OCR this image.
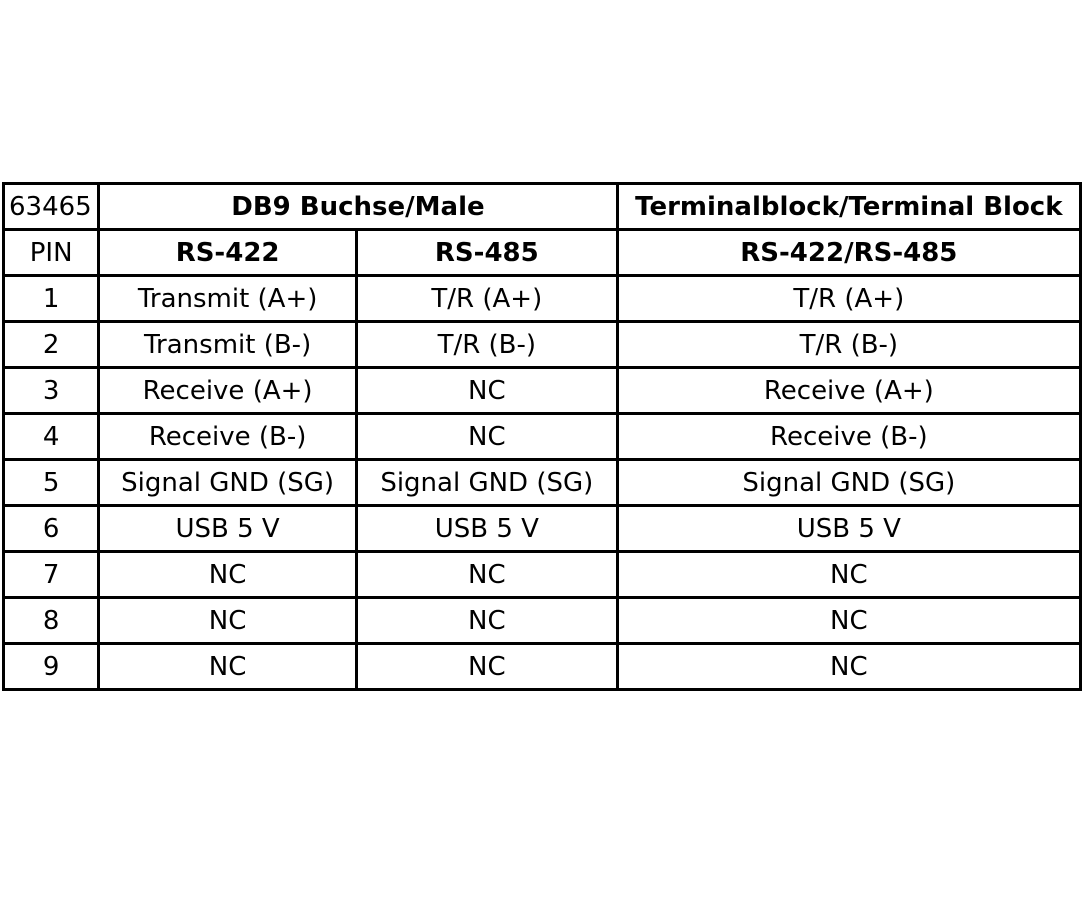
63465	DB9 Buchse/Male		Terminalblock/Terminal Block
PIN	RS-422	RS-485	RS-422/RS-485
1	Transmit (A+)	T/R (A+)	T/R (A+)
2	Transmit (B-)	T/R (B-)	T/R (B-)
3	Receive (A+)	NC	Receive (A+)
4	Receive (B-)	NC	Receive (B-)
5	Signal GND (SG)	Signal GND (SG)	Signal GND (SG)
6	USB 5 V	USB 5 V	USB 5 V
7	NC	NC	NC
8	NC	NC	NC
9	NC	NC	NC
